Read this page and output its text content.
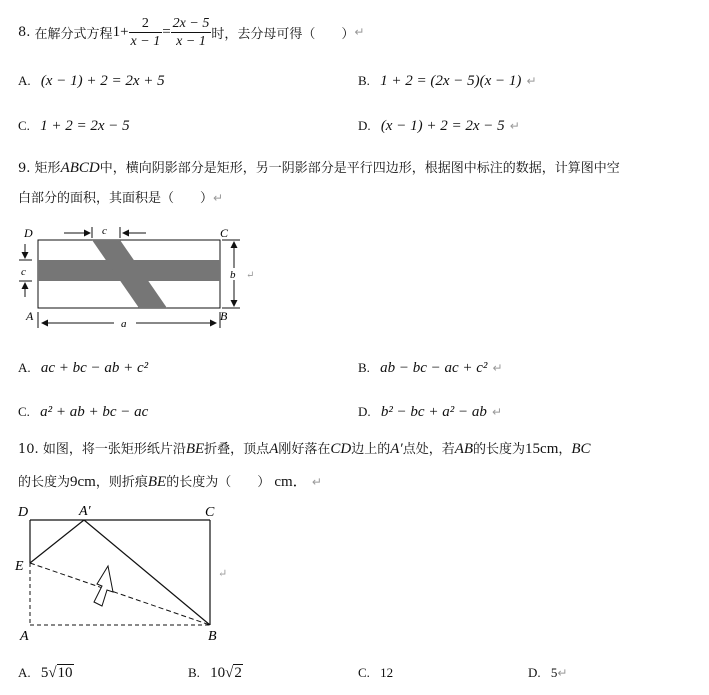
8.
在解分式方程 $1+ \frac{2}{x - 1} = \frac{2x - 5}{x - 1}$ 时，去分母可得（　　） ↵
A. (x − 1) + 2 = 2x + 5	B. 1 + 2 = (2x − 5)(x − 1) ↵
C. 1 + 2 = 2x − 5	D. (x − 1) + 2 = 2x − 5 ↵
9. 矩形ABCD中，横向阴影部分是矩形，另一阴影部分是平行四边形，根据图中标注的数据，计算图中空
白部分的面积，其面积是（　　）↵
c
c	b ↵
a
D	C
A	B
A. ac + bc − ab + c²	B. ab − bc − ac + c² ↵
C. a² + ab + bc − ac	D. b² − bc + a² − ab ↵
10. 如图，将一张矩形纸片沿BE折叠，顶点A刚好落在CD边上的A′点处，若AB的长度为15cm，BC
的长度为9cm，则折痕BE的长度为（　　） cm． ↵
D	A′	C
E
A	B
↵
A. 5√10	B. 10√2	C. 12	D. 5↵
